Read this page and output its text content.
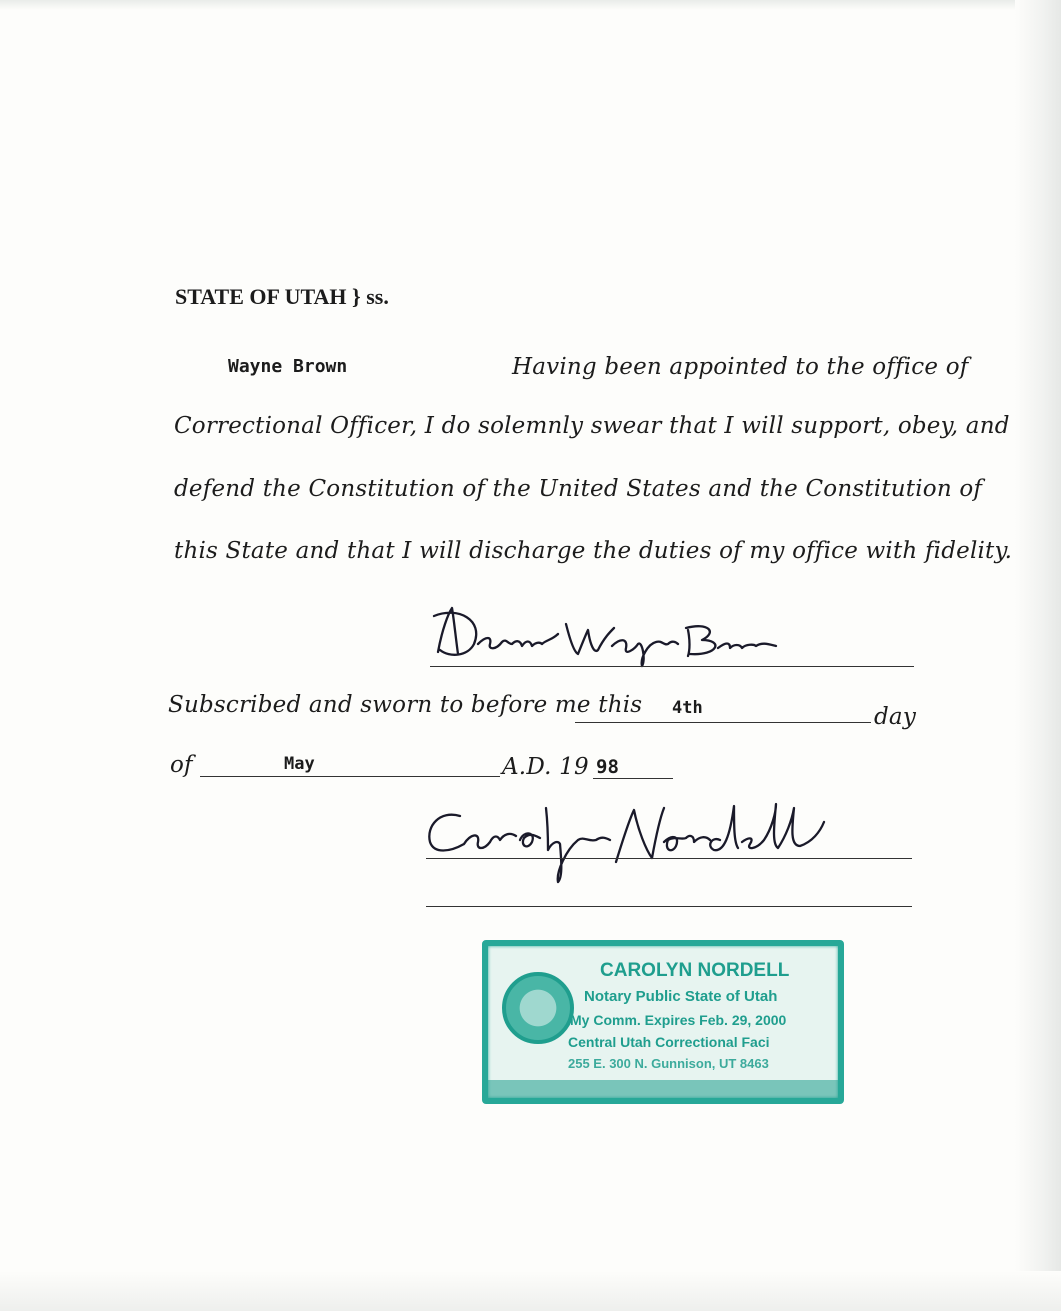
STATE OF UTAH } ss.
Wayne Brown	Having been appointed to the office of
Correctional Officer, I do solemnly swear that I will support, obey, and
defend the Constitution of the United States and the Constitution of
this State and that I will discharge the duties of my office with fidelity.
Subscribed and sworn to before me this 4th	day
of	May	A.D. 19 98
CAROLYN NORDELL
Notary Public State of Utah
My Comm. Expires Feb. 29, 2000
Central Utah Correctional Faci
255 E. 300 N. Gunnison, UT 8463
